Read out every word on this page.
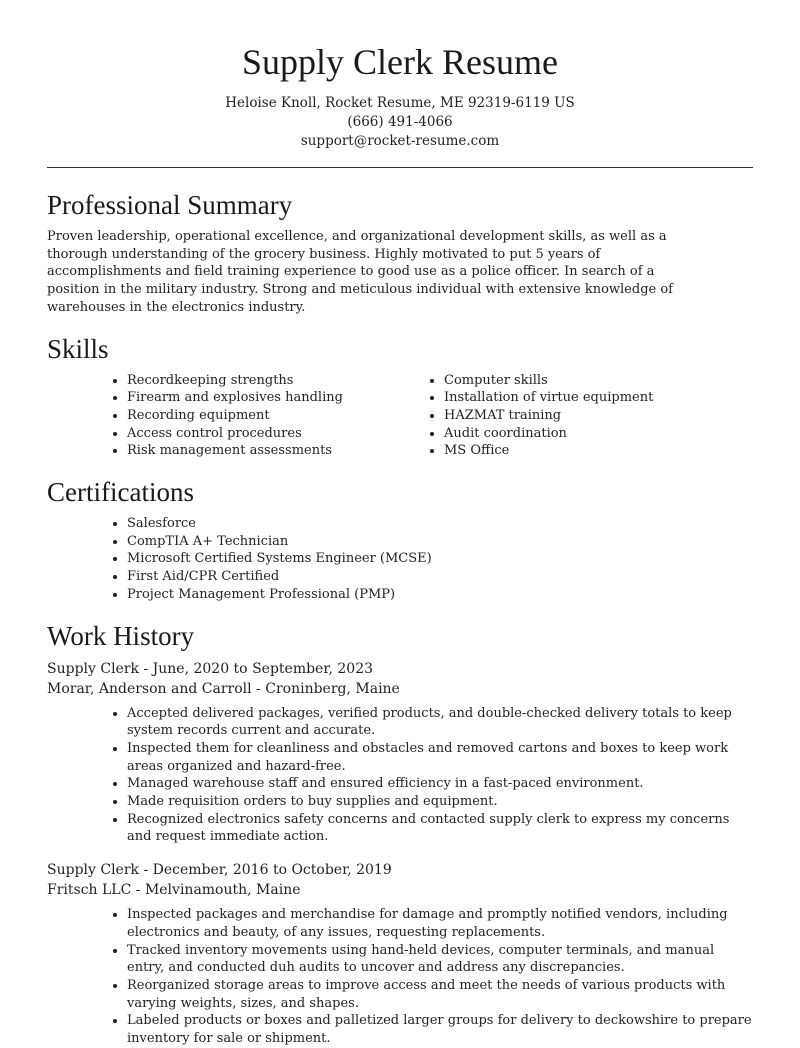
Supply Clerk Resume
Heloise Knoll, Rocket Resume, ME 92319-6119 US
(666) 491-4066
support@rocket-resume.com
Professional Summary

Proven leadership, operational excellence, and organizational development skills, as well as a thorough understanding of the grocery business. Highly motivated to put 5 years of accomplishments and field training experience to good use as a police officer. In search of a position in the military industry. Strong and meticulous individual with extensive knowledge of warehouses in the electronics industry.

Skills
• Recordkeeping strengths
• Firearm and explosives handling
• Recording equipment
• Access control procedures
• Risk management assessments
• Computer skills
• Installation of virtue equipment
• HAZMAT training
• Audit coordination
• MS Office
Certifications
• Salesforce
• CompTIA A+ Technician
• Microsoft Certified Systems Engineer (MCSE)
• First Aid/CPR Certified
• Project Management Professional (PMP)
Work History

Supply Clerk - June, 2020 to September, 2023

Morar, Anderson and Carroll - Croninberg, Maine

• Accepted delivered packages, verified products, and double-checked delivery totals to keep system records current and accurate.
• Inspected them for cleanliness and obstacles and removed cartons and boxes to keep work areas organized and hazard-free.
• Managed warehouse staff and ensured efficiency in a fast-paced environment.
• Made requisition orders to buy supplies and equipment.
• Recognized electronics safety concerns and contacted supply clerk to express my concerns and request immediate action.

Supply Clerk - December, 2016 to October, 2019

Fritsch LLC - Melvinamouth, Maine

• Inspected packages and merchandise for damage and promptly notified vendors, including electronics and beauty, of any issues, requesting replacements.
• Tracked inventory movements using hand-held devices, computer terminals, and manual entry, and conducted duh audits to uncover and address any discrepancies.
• Reorganized storage areas to improve access and meet the needs of various products with varying weights, sizes, and shapes.
• Labeled products or boxes and palletized larger groups for delivery to deckowshire to prepare inventory for sale or shipment.
